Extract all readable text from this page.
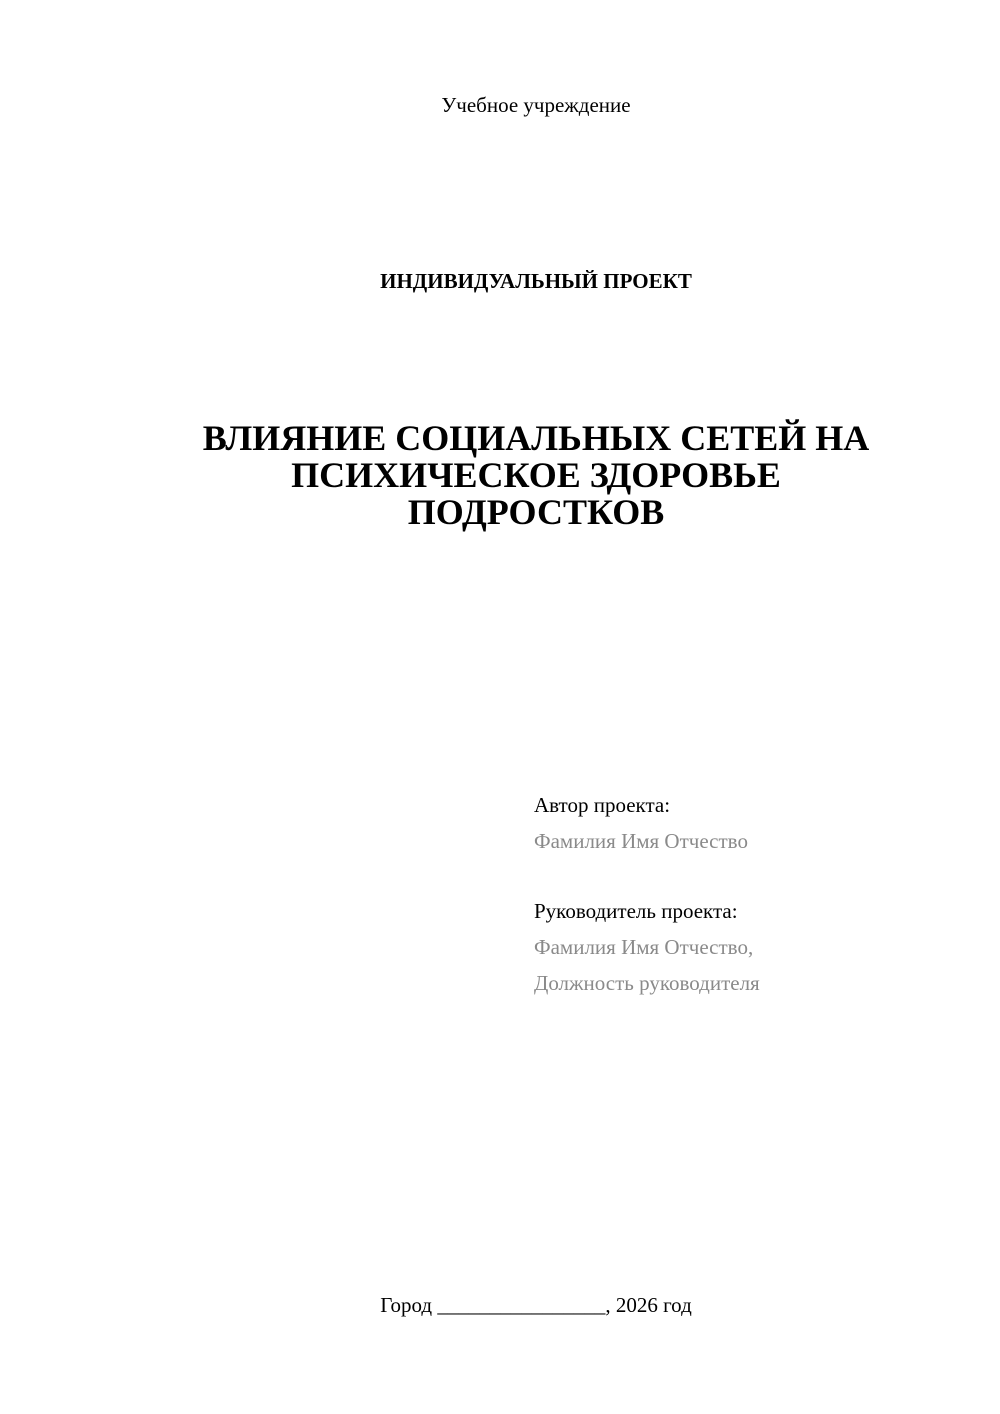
Учебное учреждение
ИНДИВИДУАЛЬНЫЙ ПРОЕКТ
ВЛИЯНИЕ СОЦИАЛЬНЫХ СЕТЕЙ НА
ПСИХИЧЕСКОЕ ЗДОРОВЬЕ
ПОДРОСТКОВ
Автор проекта:
Фамилия Имя Отчество
Руководитель проекта:
Фамилия Имя Отчество,
Должность руководителя
Город ________________, 2026 год
